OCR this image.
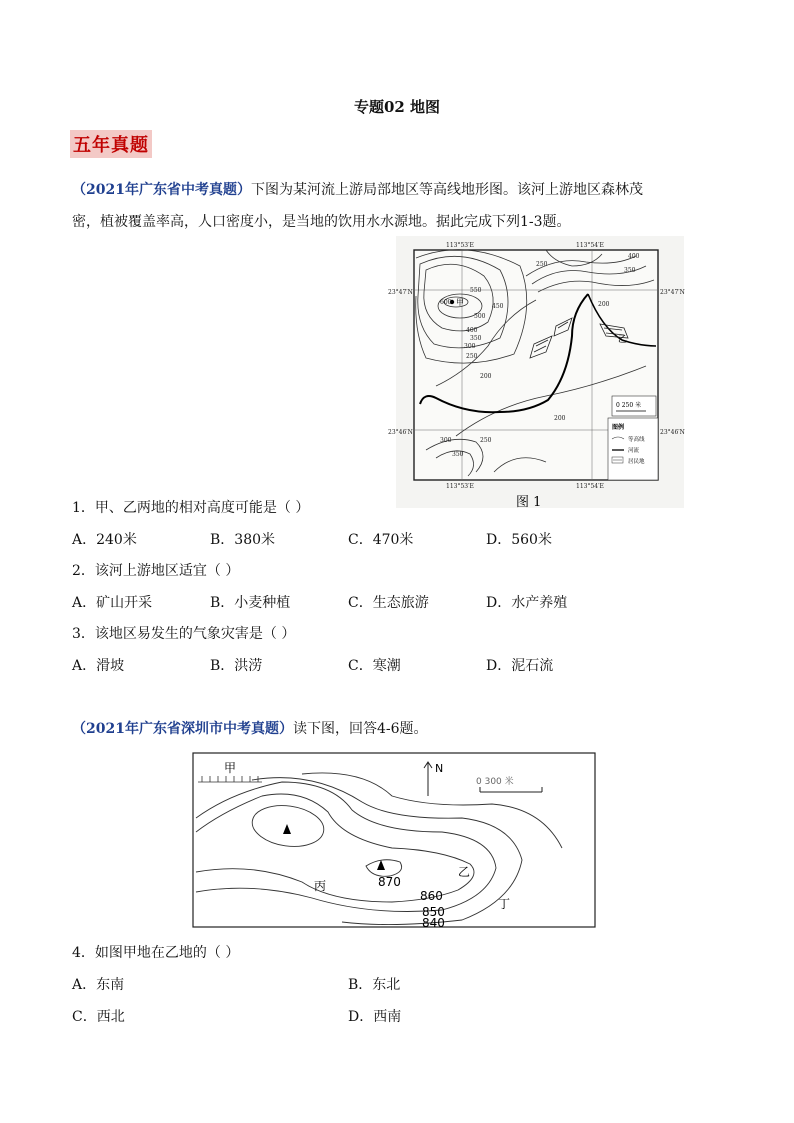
专题02 地图
五年真题
（2021年广东省中考真题）下图为某河流上游局部地区等高线地形图。该河上游地区森林茂
密，植被覆盖率高，人口密度小，是当地的饮用水水源地。据此完成下列1-3题。
甲
乙
600
550
500
450
400
350
300
250
200
250
350
400
200
200
300	250
350
113°53′E	113°54′E
113°53′E	113°54′E
23°47′N	23°47′N
23°46′N	23°46′N
0 250 米
图例
等高线
河流
居民地
图 1
1．甲、乙两地的相对高度可能是（ ）
A．240米	B．380米	C．470米	D．560米
2．该河上游地区适宜（ ）
A．矿山开采	B．小麦种植	C．生态旅游	D．水产养殖
3．该地区易发生的气象灾害是（ ）
A．滑坡	B．洪涝	C．寒潮	D．泥石流
（2021年广东省深圳市中考真题）读下图，回答4-6题。
N
0 300 米
甲
乙
丙
丁
870
860
850
840
4．如图甲地在乙地的（ ）
A．东南	B．东北
C．西北	D．西南
